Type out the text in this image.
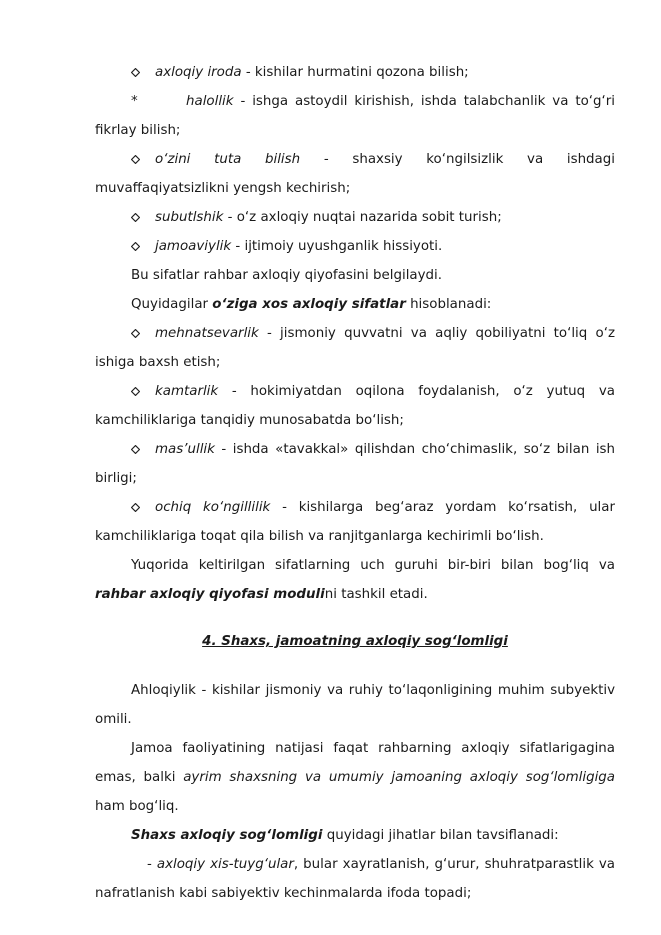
axloqiy iroda - kishilar hurmatini qozona bilish;

*	halollik - ishga astoydil kirishish, ishda talabchanlik va to‘g‘ri fikrlay bilish;

o‘zini tuta bilish - shaxsiy ko‘ngilsizlik va ishdagi muvaffaqiyatsizlikni yengsh kechirish;

subutlshik - o‘z axloqiy nuqtai nazarida sobit turish;

jamoaviylik - ijtimoiy uyushganlik hissiyoti.

Bu sifatlar rahbar axloqiy qiyofasini belgilaydi.

Quyidagilar o‘ziga xos axloqiy sifatlar hisoblanadi:

mehnatsevarlik - jismoniy quvvatni va aqliy qobiliyatni to‘liq o‘z ishiga baxsh etish;

kamtarlik - hokimiyatdan oqilona foydalanish, o‘z yutuq va kamchiliklariga tanqidiy munosabatda bo‘lish;

mas’ullik - ishda «tavakkal» qilishdan cho‘chimaslik, so‘z bilan ish birligi;

ochiq ko‘ngillilik - kishilarga beg‘araz yordam ko‘rsatish, ular kamchiliklariga toqat qila bilish va ranjitganlarga kechirimli bo‘lish.

Yuqorida keltirilgan sifatlarning uch guruhi bir-biri bilan bog‘liq va rahbar axloqiy qiyofasi modulini tashkil etadi.

4. Shaxs, jamoatning axloqiy sog‘lomligi

Ahloqiylik - kishilar jismoniy va ruhiy to‘laqonligining muhim subyektiv omili.

Jamoa faoliyatining natijasi faqat rahbarning axloqiy sifatlarigagina emas, balki ayrim shaxsning va umumiy jamoaning axloqiy sog‘lomligiga ham bog‘liq.

Shaxs axloqiy sog‘lomligi quyidagi jihatlar bilan tavsiflanadi:

- axloqiy xis-tuyg‘ular, bular xayratlanish, g‘urur, shuhratparastlik va nafratlanish kabi sabiyektiv kechinmalarda ifoda topadi;
